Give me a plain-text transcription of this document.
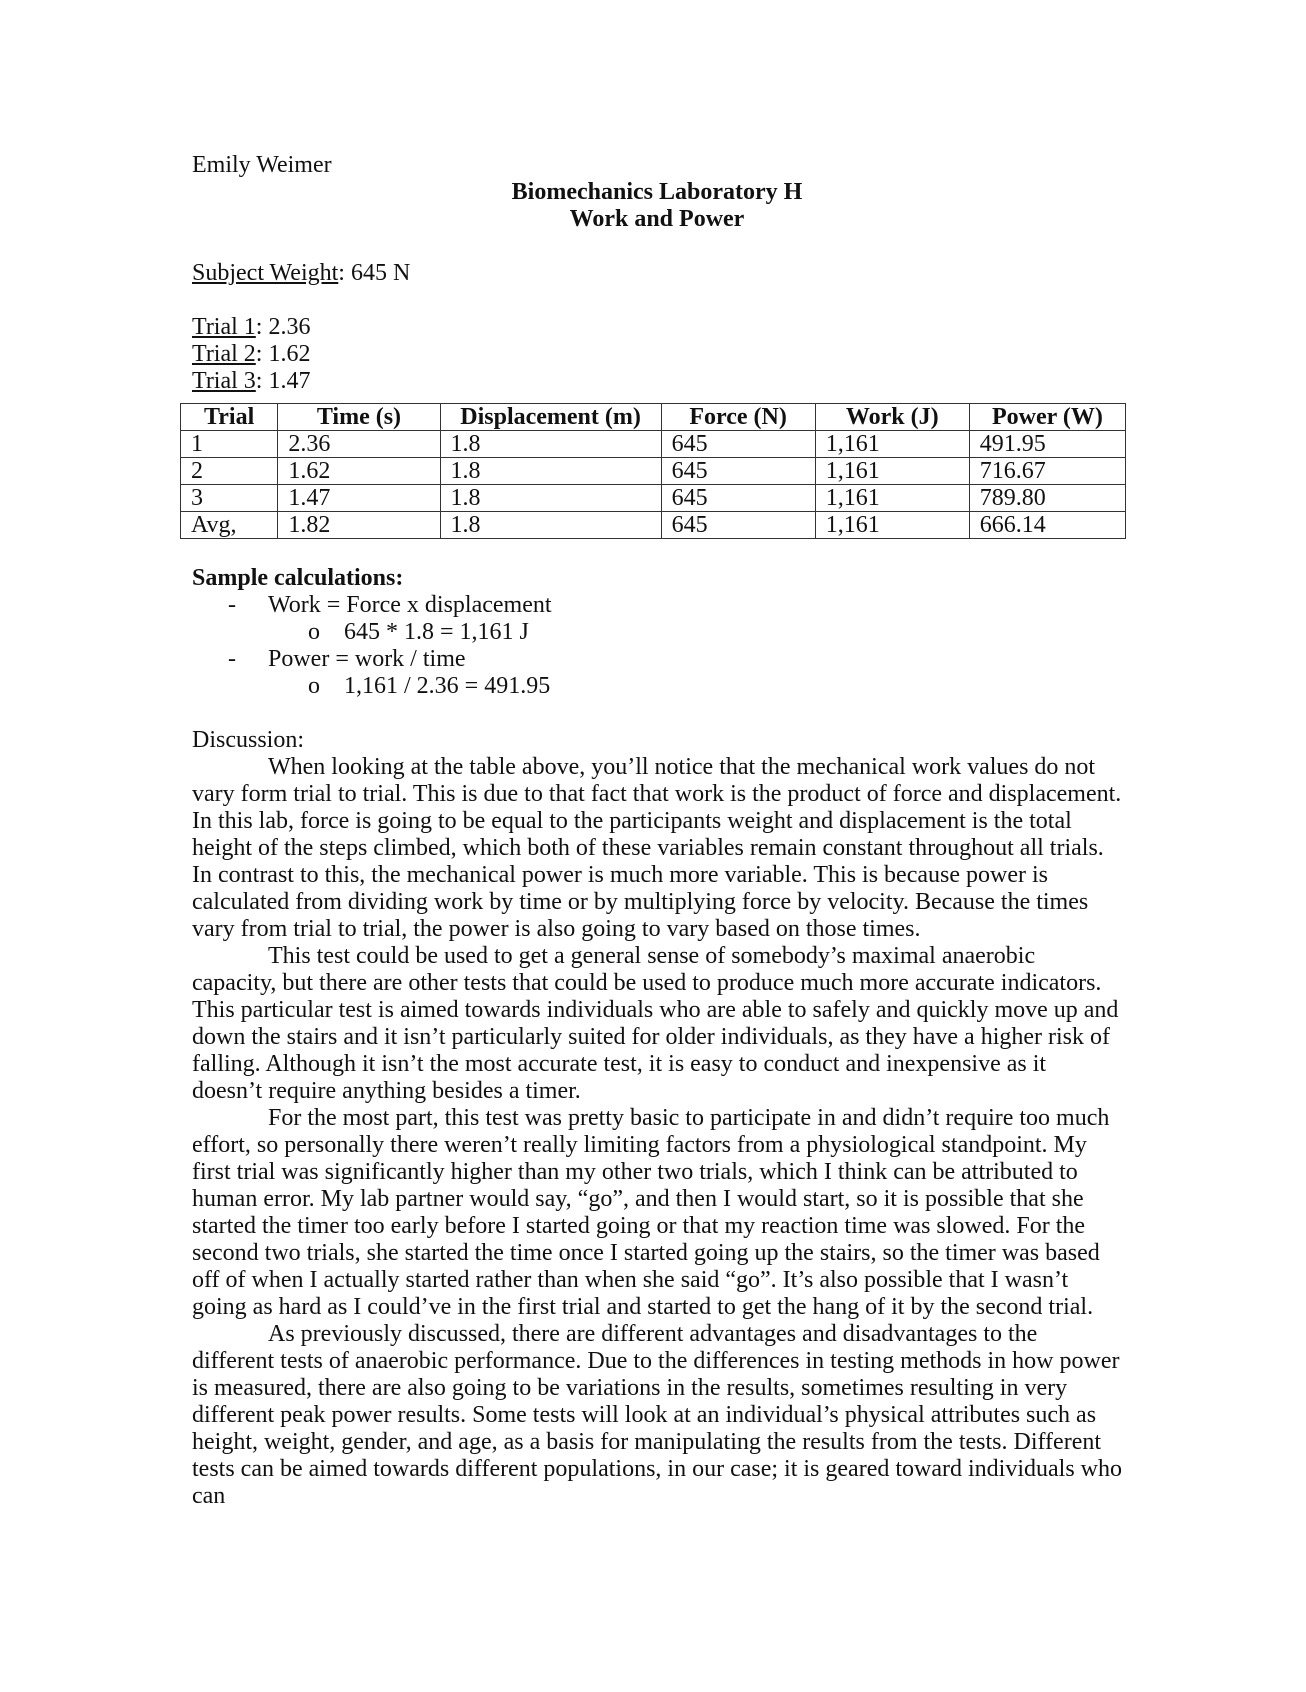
Emily Weimer
Biomechanics Laboratory H
Work and Power
Subject Weight: 645 N
Trial 1: 2.36
Trial 2: 1.62
Trial 3: 1.47
Trial	Time (s)	Displacement (m)	Force (N)	Work (J)	Power (W)
1	2.36	1.8	645	1,161	491.95
2	1.62	1.8	645	1,161	716.67
3	1.47	1.8	645	1,161	789.80
Avg,	1.82	1.8	645	1,161	666.14
Sample calculations:
- Work = Force x displacement
o 645 * 1.8 = 1,161 J
- Power = work / time
o 1,161 / 2.36 = 491.95
Discussion:

When looking at the table above, you’ll notice that the mechanical work values do not vary form trial to trial. This is due to that fact that work is the product of force and displacement. In this lab, force is going to be equal to the participants weight and displacement is the total height of the steps climbed, which both of these variables remain constant throughout all trials. In contrast to this, the mechanical power is much more variable. This is because power is calculated from dividing work by time or by multiplying force by velocity. Because the times vary from trial to trial, the power is also going to vary based on those times.

This test could be used to get a general sense of somebody’s maximal anaerobic capacity, but there are other tests that could be used to produce much more accurate indicators. This particular test is aimed towards individuals who are able to safely and quickly move up and down the stairs and it isn’t particularly suited for older individuals, as they have a higher risk of falling. Although it isn’t the most accurate test, it is easy to conduct and inexpensive as it doesn’t require anything besides a timer.

For the most part, this test was pretty basic to participate in and didn’t require too much effort, so personally there weren’t really limiting factors from a physiological standpoint. My first trial was significantly higher than my other two trials, which I think can be attributed to human error. My lab partner would say, “go”, and then I would start, so it is possible that she started the timer too early before I started going or that my reaction time was slowed. For the second two trials, she started the time once I started going up the stairs, so the timer was based off of when I actually started rather than when she said “go”. It’s also possible that I wasn’t going as hard as I could’ve in the first trial and started to get the hang of it by the second trial.

As previously discussed, there are different advantages and disadvantages to the different tests of anaerobic performance. Due to the differences in testing methods in how power is measured, there are also going to be variations in the results, sometimes resulting in very different peak power results. Some tests will look at an individual’s physical attributes such as height, weight, gender, and age, as a basis for manipulating the results from the tests. Different tests can be aimed towards different populations, in our case; it is geared toward individuals who can
